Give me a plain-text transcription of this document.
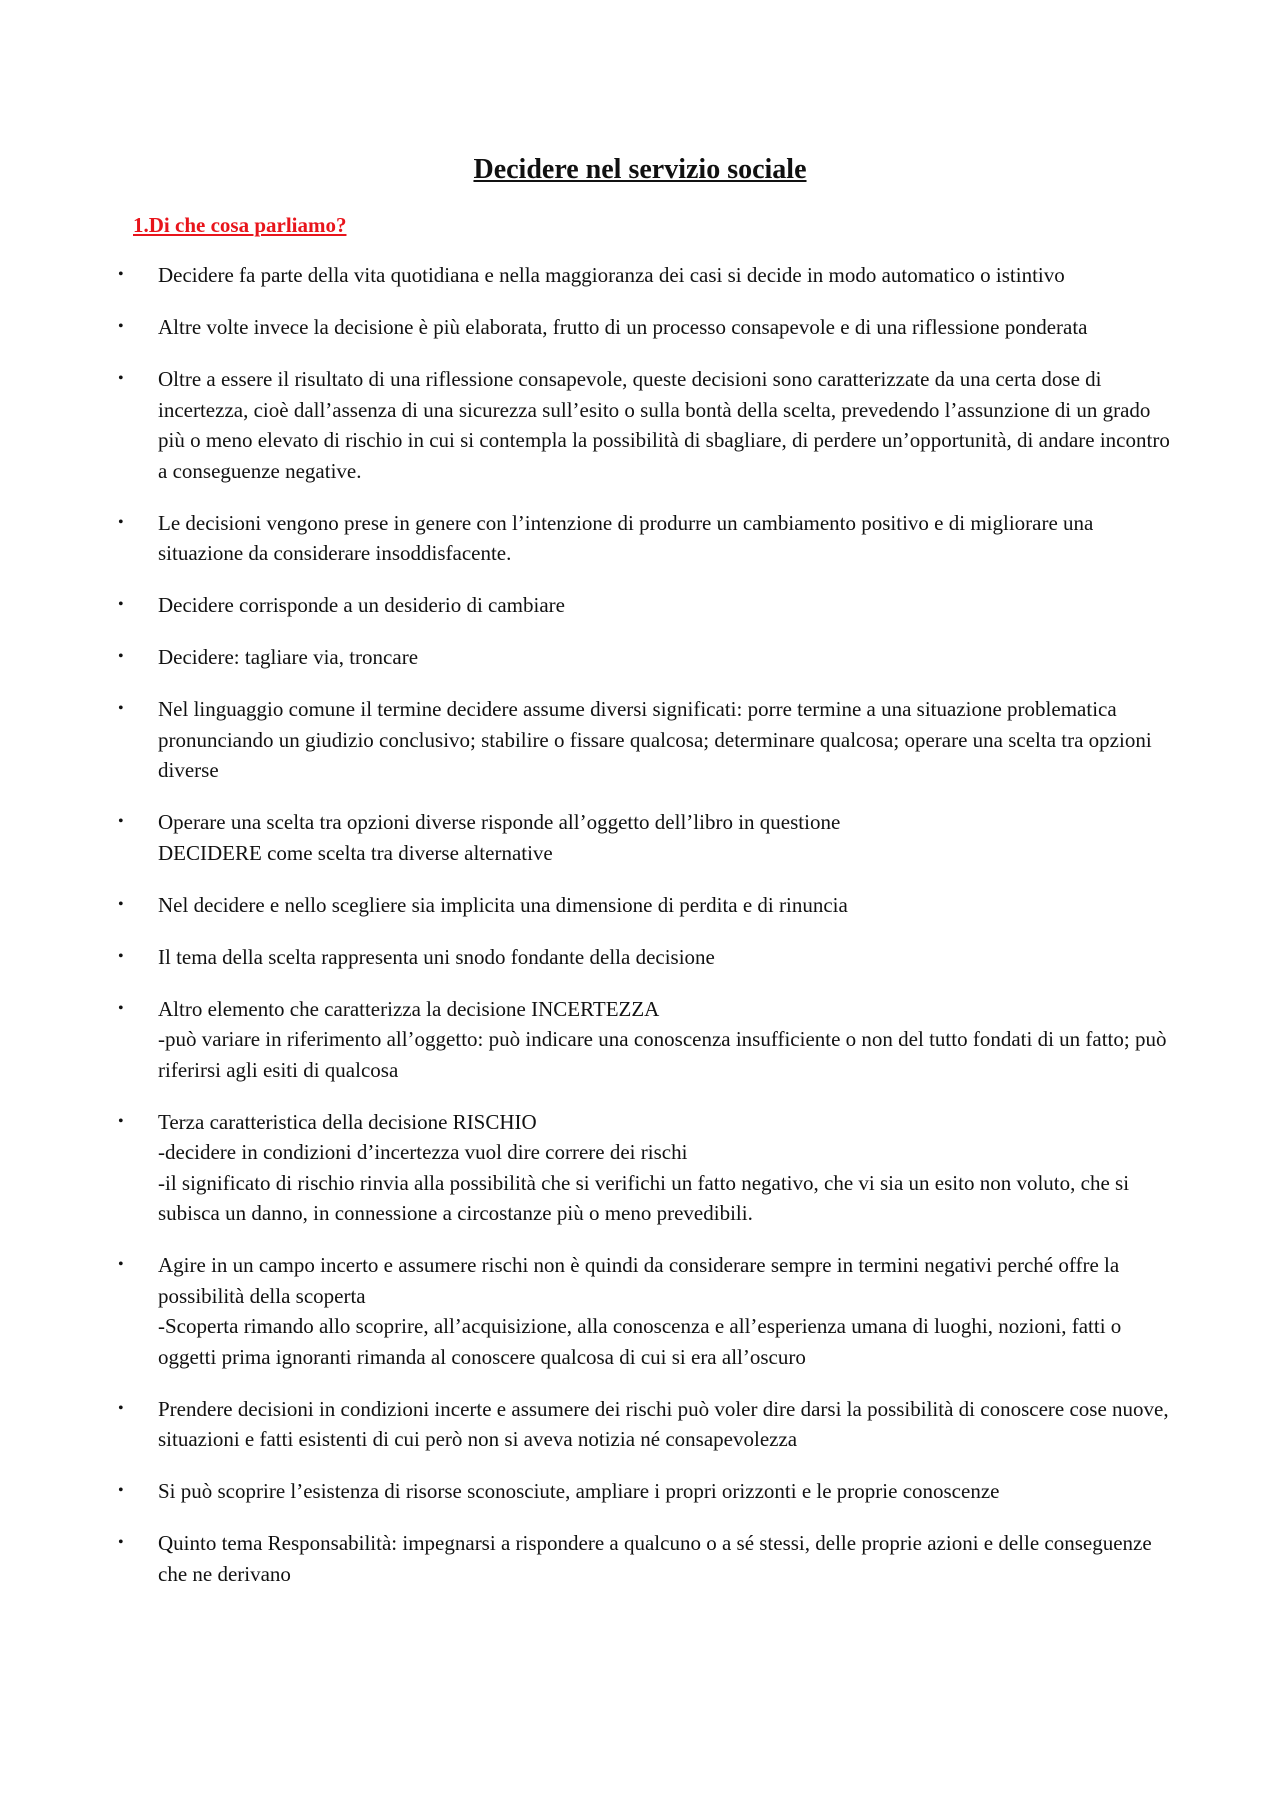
Decidere nel servizio sociale
1.Di che cosa parliamo?
• Decidere fa parte della vita quotidiana e nella maggioranza dei casi si decide in modo automatico o istintivo
• Altre volte invece la decisione è più elaborata, frutto di un processo consapevole e di una riflessione ponderata
• Oltre a essere il risultato di una riflessione consapevole, queste decisioni sono caratterizzate da una certa dose di incertezza, cioè dall’assenza di una sicurezza sull’esito o sulla bontà della scelta, prevedendo l’assunzione di un grado più o meno elevato di rischio in cui si contempla la possibilità di sbagliare, di perdere un’opportunità, di andare incontro a conseguenze negative.
• Le decisioni vengono prese in genere con l’intenzione di produrre un cambiamento positivo e di migliorare una situazione da considerare insoddisfacente.
• Decidere corrisponde a un desiderio di cambiare
• Decidere: tagliare via, troncare
• Nel linguaggio comune il termine decidere assume diversi significati: porre termine a una situazione problematica pronunciando un giudizio conclusivo; stabilire o fissare qualcosa; determinare qualcosa; operare una scelta tra opzioni diverse
• Operare una scelta tra opzioni diverse risponde all’oggetto dell’libro in questione
DECIDERE come scelta tra diverse alternative
• Nel decidere e nello scegliere sia implicita una dimensione di perdita e di rinuncia
• Il tema della scelta rappresenta uni snodo fondante della decisione
• Altro elemento che caratterizza la decisione INCERTEZZA
-può variare in riferimento all’oggetto: può indicare una conoscenza insufficiente o non del tutto fondati di un fatto; può riferirsi agli esiti di qualcosa
• Terza caratteristica della decisione RISCHIO
-decidere in condizioni d’incertezza vuol dire correre dei rischi
-il significato di rischio rinvia alla possibilità che si verifichi un fatto negativo, che vi sia un esito non voluto, che si subisca un danno, in connessione a circostanze più o meno prevedibili.
• Agire in un campo incerto e assumere rischi non è quindi da considerare sempre in termini negativi perché offre la possibilità della scoperta
-Scoperta rimando allo scoprire, all’acquisizione, alla conoscenza e all’esperienza umana di luoghi, nozioni, fatti o oggetti prima ignoranti rimanda al conoscere qualcosa di cui si era all’oscuro
• Prendere decisioni in condizioni incerte e assumere dei rischi può voler dire darsi la possibilità di conoscere cose nuove, situazioni e fatti esistenti di cui però non si aveva notizia né consapevolezza
• Si può scoprire l’esistenza di risorse sconosciute, ampliare i propri orizzonti e le proprie conoscenze
• Quinto tema Responsabilità: impegnarsi a rispondere a qualcuno o a sé stessi, delle proprie azioni e delle conseguenze che ne derivano
